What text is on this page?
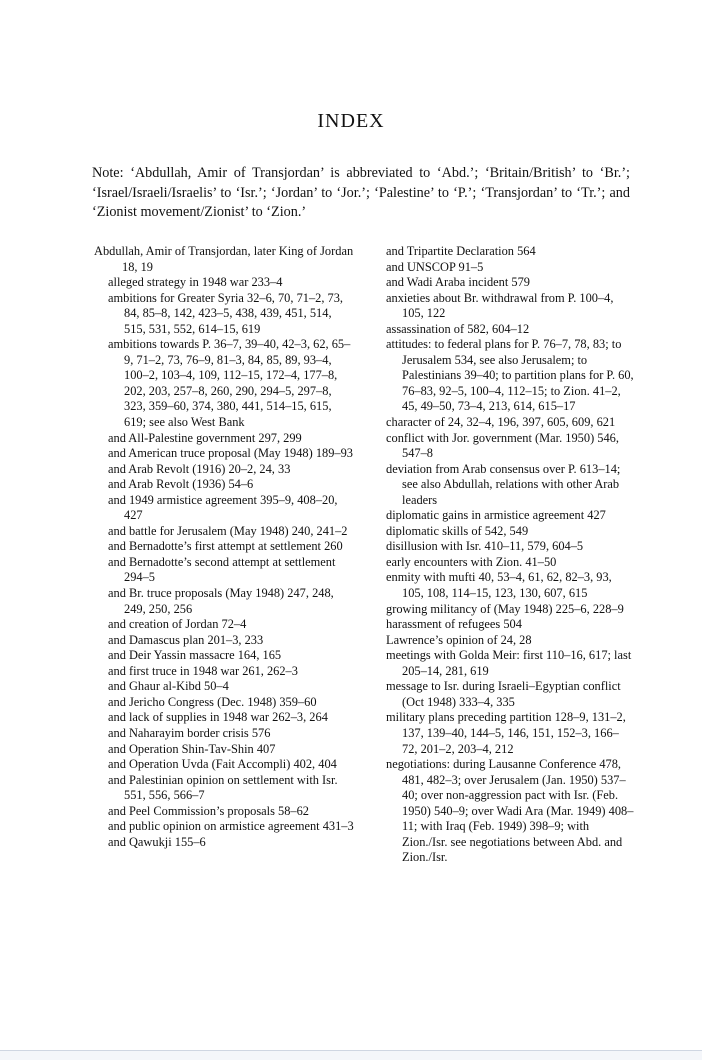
INDEX
Note: ‘Abdullah, Amir of Transjordan’ is abbreviated to ‘Abd.’; ‘Britain/British’ to ‘Br.’; ‘Israel/Israeli/Israelis’ to ‘Isr.’; ‘Jordan’ to ‘Jor.’; ‘Palestine’ to ‘P.’; ‘Transjordan’ to ‘Tr.’; and ‘Zionist movement/Zionist’ to ‘Zion.’
Abdullah, Amir of Transjordan, later King of Jordan 18, 19
alleged strategy in 1948 war 233–4
ambitions for Greater Syria 32–6, 70, 71–2, 73, 84, 85–8, 142, 423–5, 438, 439, 451, 514, 515, 531, 552, 614–15, 619
ambitions towards P. 36–7, 39–40, 42–3, 62, 65–9, 71–2, 73, 76–9, 81–3, 84, 85, 89, 93–4, 100–2, 103–4, 109, 112–15, 172–4, 177–8, 202, 203, 257–8, 260, 290, 294–5, 297–8, 323, 359–60, 374, 380, 441, 514–15, 615, 619; see also West Bank
and All-Palestine government 297, 299
and American truce proposal (May 1948) 189–93
and Arab Revolt (1916) 20–2, 24, 33
and Arab Revolt (1936) 54–6
and 1949 armistice agreement 395–9, 408–20, 427
and battle for Jerusalem (May 1948) 240, 241–2
and Bernadotte’s first attempt at settlement 260
and Bernadotte’s second attempt at settlement 294–5
and Br. truce proposals (May 1948) 247, 248, 249, 250, 256
and creation of Jordan 72–4
and Damascus plan 201–3, 233
and Deir Yassin massacre 164, 165
and first truce in 1948 war 261, 262–3
and Ghaur al-Kibd 50–4
and Jericho Congress (Dec. 1948) 359–60
and lack of supplies in 1948 war 262–3, 264
and Naharayim border crisis 576
and Operation Shin-Tav-Shin 407
and Operation Uvda (Fait Accompli) 402, 404
and Palestinian opinion on settlement with Isr. 551, 556, 566–7
and Peel Commission’s proposals 58–62
and public opinion on armistice agreement 431–3
and Qawukji 155–6
and Tripartite Declaration 564
and UNSCOP 91–5
and Wadi Araba incident 579
anxieties about Br. withdrawal from P. 100–4, 105, 122
assassination of 582, 604–12
attitudes: to federal plans for P. 76–7, 78, 83; to Jerusalem 534, see also Jerusalem; to Palestinians 39–40; to partition plans for P. 60, 76–83, 92–5, 100–4, 112–15; to Zion. 41–2, 45, 49–50, 73–4, 213, 614, 615–17
character of 24, 32–4, 196, 397, 605, 609, 621
conflict with Jor. government (Mar. 1950) 546, 547–8
deviation from Arab consensus over P. 613–14; see also Abdullah, relations with other Arab leaders
diplomatic gains in armistice agreement 427
diplomatic skills of 542, 549
disillusion with Isr. 410–11, 579, 604–5
early encounters with Zion. 41–50
enmity with mufti 40, 53–4, 61, 62, 82–3, 93, 105, 108, 114–15, 123, 130, 607, 615
growing militancy of (May 1948) 225–6, 228–9
harassment of refugees 504
Lawrence’s opinion of 24, 28
meetings with Golda Meir: first 110–16, 617; last 205–14, 281, 619
message to Isr. during Israeli–Egyptian conflict (Oct 1948) 333–4, 335
military plans preceding partition 128–9, 131–2, 137, 139–40, 144–5, 146, 151, 152–3, 166–72, 201–2, 203–4, 212
negotiations: during Lausanne Conference 478, 481, 482–3; over Jerusalem (Jan. 1950) 537–40; over non-aggression pact with Isr. (Feb. 1950) 540–9; over Wadi Ara (Mar. 1949) 408–11; with Iraq (Feb. 1949) 398–9; with Zion./Isr. see negotiations between Abd. and Zion./Isr.
